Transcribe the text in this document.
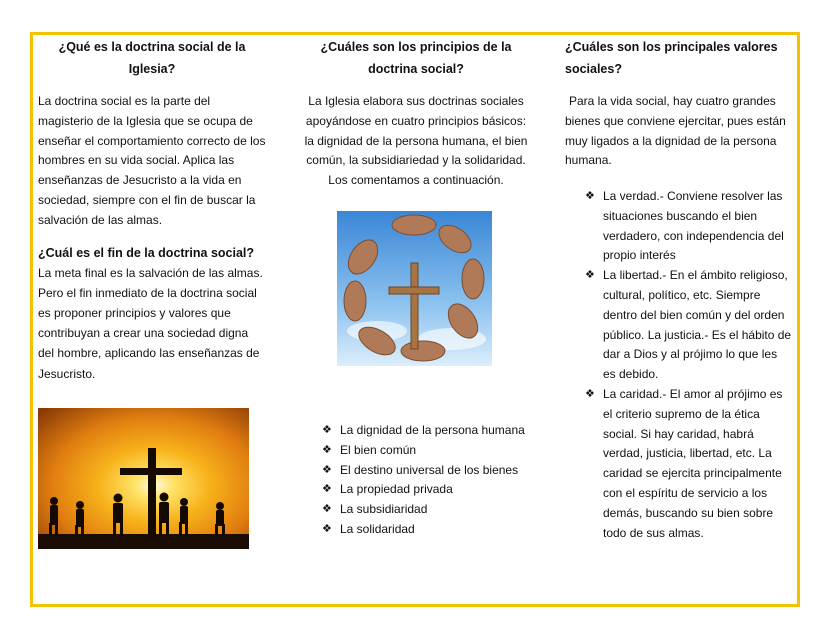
¿Qué es la doctrina social de la Iglesia?

La doctrina social es la parte del magisterio de la Iglesia que se ocupa de enseñar el comportamiento correcto de los hombres en su vida social. Aplica las enseñanzas de Jesucristo a la vida en sociedad, siempre con el fin de buscar la salvación de las almas.

¿Cuál es el fin de la doctrina social?

La meta final es la salvación de las almas. Pero el fin inmediato de la doctrina social es proponer principios y valores que contribuyan a crear una sociedad digna del hombre, aplicando las enseñanzas de Jesucristo.

¿Cuáles son los principios de la doctrina social?

La Iglesia elabora sus doctrinas sociales apoyándose en cuatro principios básicos: la dignidad de la persona humana, el bien común, la subsidiariedad y la solidaridad. Los comentamos a continuación.

❖ La dignidad de la persona humana
❖ El bien común
❖ El destino universal de los bienes
❖ La propiedad privada
❖ La subsidiaridad
❖ La solidaridad
¿Cuáles son los principales valores sociales?

Para la vida social, hay cuatro grandes bienes que conviene ejercitar, pues están muy ligados a la dignidad de la persona humana.

❖ La verdad.- Conviene resolver las situaciones buscando el bien verdadero, con independencia del propio interés
❖ La libertad.- En el ámbito religioso, cultural, político, etc. Siempre dentro del bien común y del orden público. La justicia.- Es el hábito de dar a Dios y al prójimo lo que les es debido.
❖ La caridad.- El amor al prójimo es el criterio supremo de la ética social. Si hay caridad, habrá verdad, justicia, libertad, etc. La caridad se ejercita principalmente con el espíritu de servicio a los demás, buscando su bien sobre todo de sus almas.
